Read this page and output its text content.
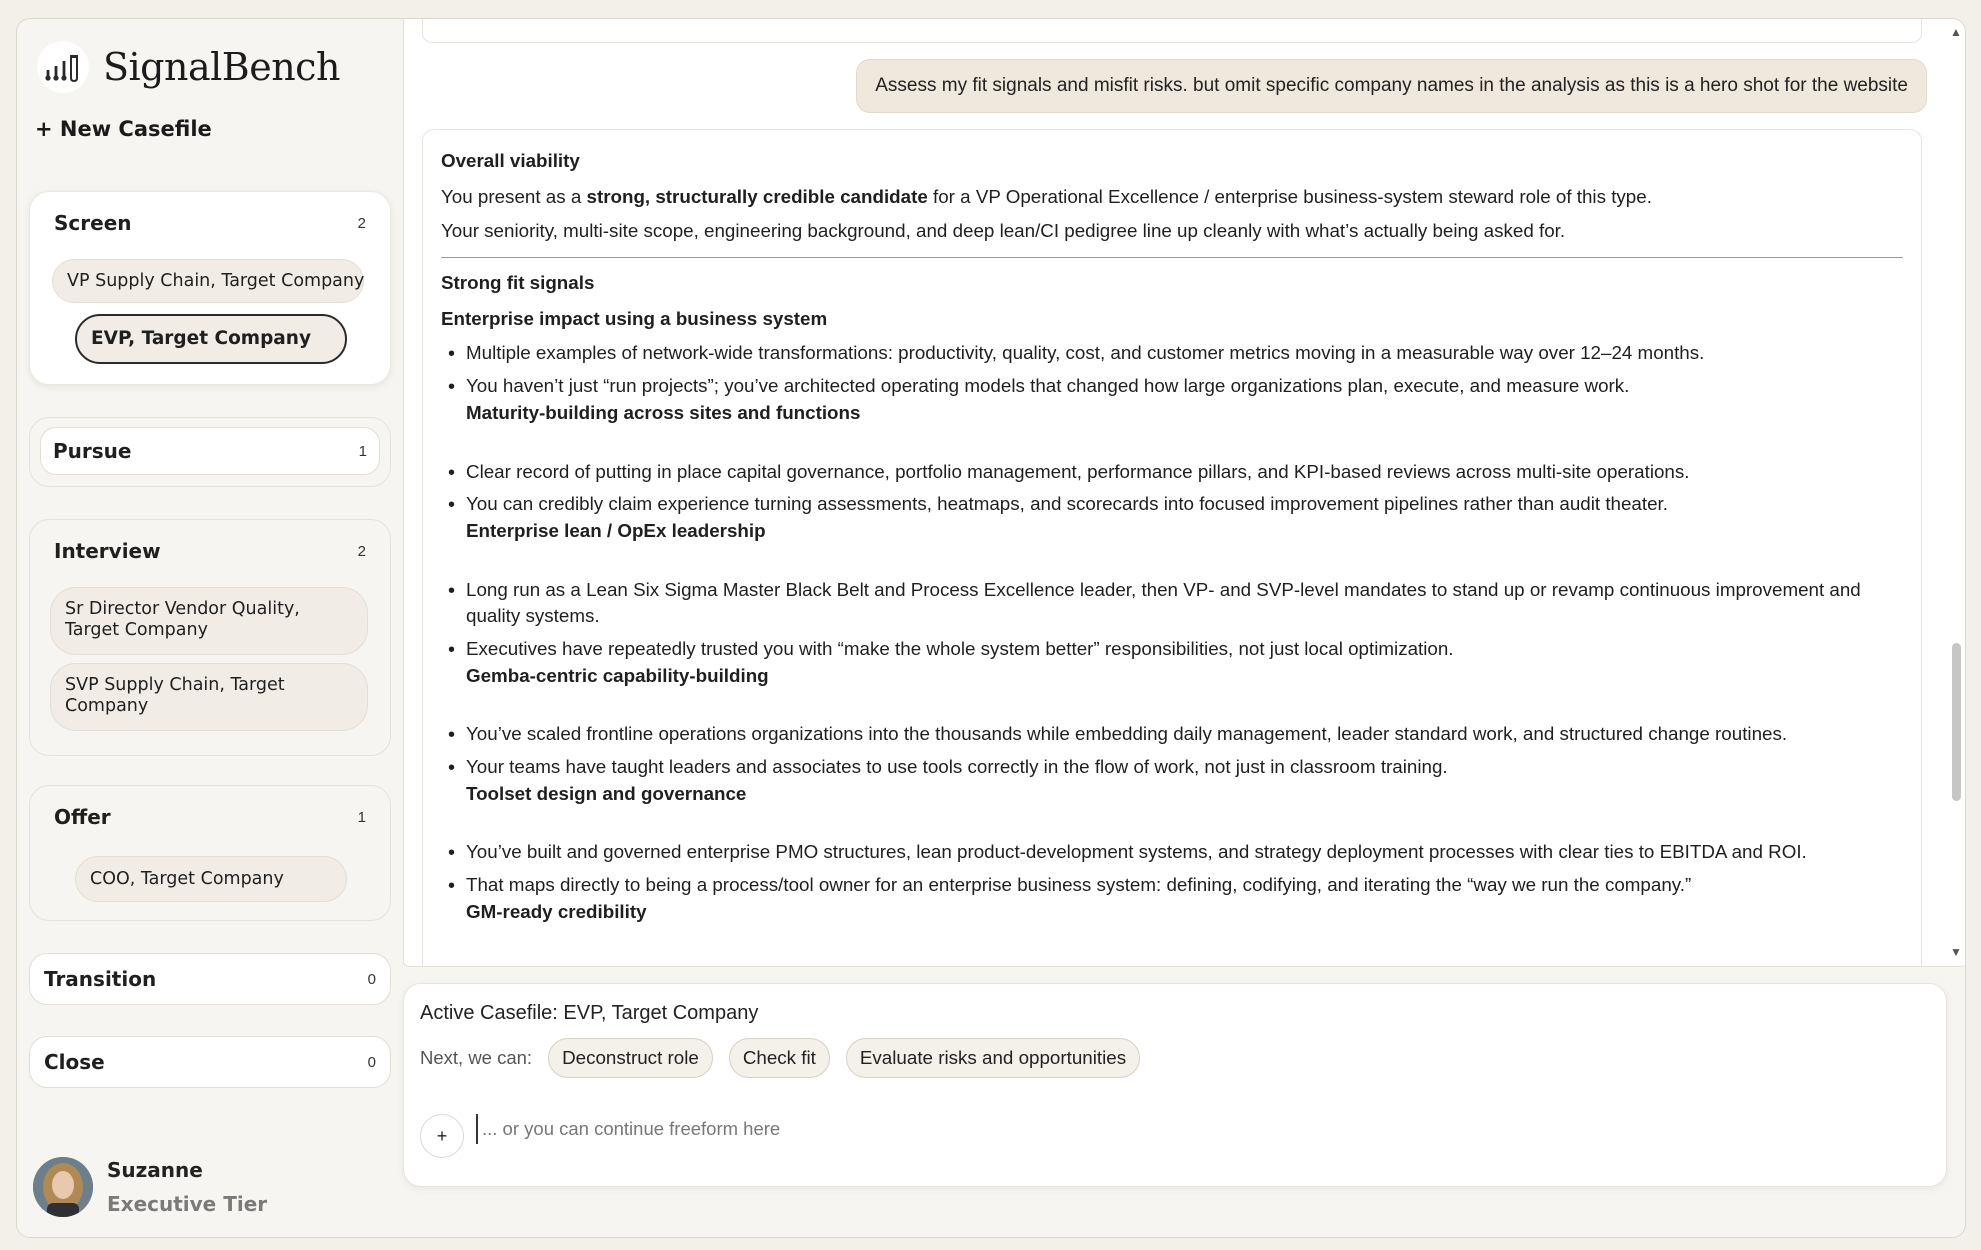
SignalBench
+ New Casefile
Screen	2
VP Supply Chain, Target Company
EVP, Target Company
Pursue	1
Interview	2
Sr Director Vendor Quality, Target Company
SVP Supply Chain, Target Company
Offer	1
COO, Target Company
Transition	0
Close	0
Suzanne
Executive Tier
Assess my fit signals and misfit risks. but omit specific company names in the analysis as this is a hero shot for the website

Overall viability

You present as a strong, structurally credible candidate for a VP Operational Excellence / enterprise business-system steward role of this type.

Your seniority, multi-site scope, engineering background, and deep lean/CI pedigree line up cleanly with what’s actually being asked for.

Strong fit signals

Enterprise impact using a business system

• Multiple examples of network-wide transformations: productivity, quality, cost, and customer metrics moving in a measurable way over 12–24 months.
• You haven’t just “run projects”; you’ve architected operating models that changed how large organizations plan, execute, and measure work.

Maturity-building across sites and functions

• Clear record of putting in place capital governance, portfolio management, performance pillars, and KPI-based reviews across multi-site operations.
• You can credibly claim experience turning assessments, heatmaps, and scorecards into focused improvement pipelines rather than audit theater.

Enterprise lean / OpEx leadership

• Long run as a Lean Six Sigma Master Black Belt and Process Excellence leader, then VP- and SVP-level mandates to stand up or revamp continuous improvement and quality systems.
• Executives have repeatedly trusted you with “make the whole system better” responsibilities, not just local optimization.

Gemba-centric capability-building

• You’ve scaled frontline operations organizations into the thousands while embedding daily management, leader standard work, and structured change routines.
• Your teams have taught leaders and associates to use tools correctly in the flow of work, not just in classroom training.

Toolset design and governance

• You’ve built and governed enterprise PMO structures, lean product-development systems, and strategy deployment processes with clear ties to EBITDA and ROI.
• That maps directly to being a process/tool owner for an enterprise business system: defining, codifying, and iterating the “way we run the company.”

GM-ready credibility

▲
▼
Active Casefile: EVP, Target Company
Next, we can:	Deconstruct role	Check fit	Evaluate risks and opportunities
+
... or you can continue freeform here
